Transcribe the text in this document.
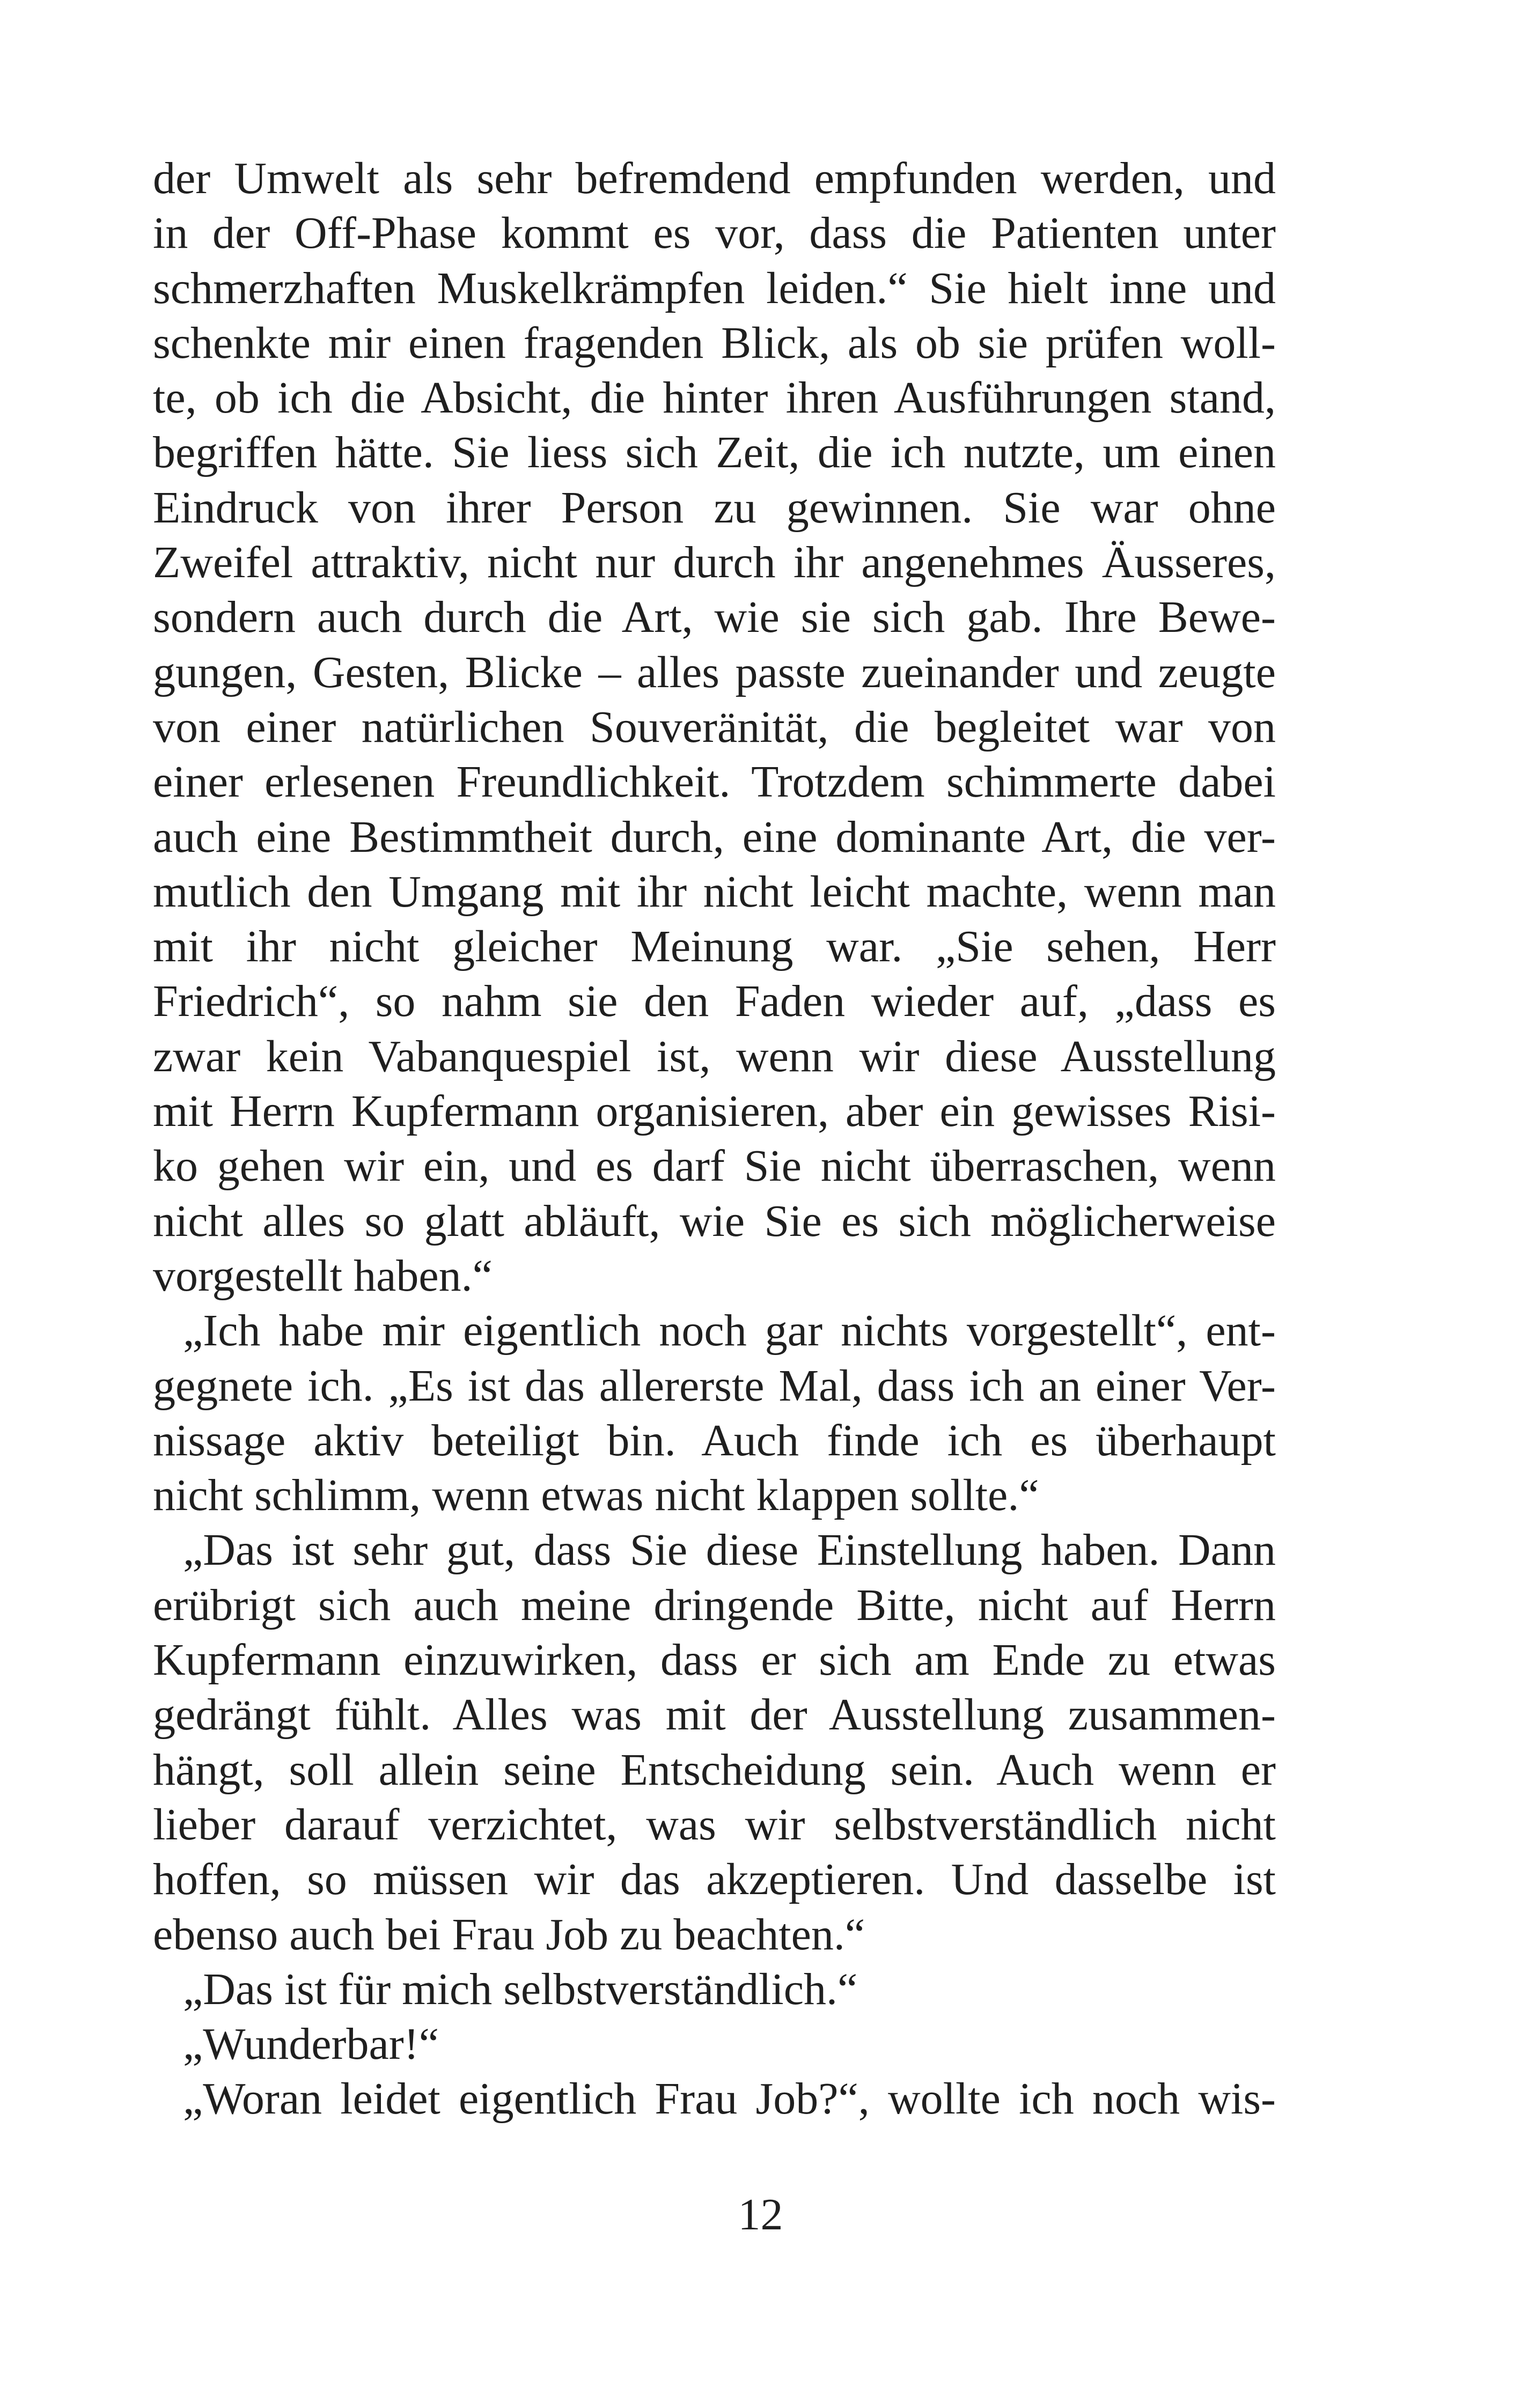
der Umwelt als sehr befremdend empfunden werden, und
in der Off-Phase kommt es vor, dass die Patienten unter
schmerzhaften Muskelkrämpfen leiden.“ Sie hielt inne und
schenkte mir einen fragenden Blick, als ob sie prüfen woll-
te, ob ich die Absicht, die hinter ihren Ausführungen stand,
begriffen hätte. Sie liess sich Zeit, die ich nutzte, um einen
Eindruck von ihrer Person zu gewinnen. Sie war ohne
Zweifel attraktiv, nicht nur durch ihr angenehmes Äusseres,
sondern auch durch die Art, wie sie sich gab. Ihre Bewe-
gungen, Gesten, Blicke – alles passte zueinander und zeugte
von einer natürlichen Souveränität, die begleitet war von
einer erlesenen Freundlichkeit. Trotzdem schimmerte dabei
auch eine Bestimmtheit durch, eine dominante Art, die ver-
mutlich den Umgang mit ihr nicht leicht machte, wenn man
mit ihr nicht gleicher Meinung war. „Sie sehen, Herr
Friedrich“, so nahm sie den Faden wieder auf, „dass es
zwar kein Vabanquespiel ist, wenn wir diese Ausstellung
mit Herrn Kupfermann organisieren, aber ein gewisses Risi-
ko gehen wir ein, und es darf Sie nicht überraschen, wenn
nicht alles so glatt abläuft, wie Sie es sich möglicherweise
vorgestellt haben.“
„Ich habe mir eigentlich noch gar nichts vorgestellt“, ent-
gegnete ich. „Es ist das allererste Mal, dass ich an einer Ver-
nissage aktiv beteiligt bin. Auch finde ich es überhaupt
nicht schlimm, wenn etwas nicht klappen sollte.“
„Das ist sehr gut, dass Sie diese Einstellung haben. Dann
erübrigt sich auch meine dringende Bitte, nicht auf Herrn
Kupfermann einzuwirken, dass er sich am Ende zu etwas
gedrängt fühlt. Alles was mit der Ausstellung zusammen-
hängt, soll allein seine Entscheidung sein. Auch wenn er
lieber darauf verzichtet, was wir selbstverständlich nicht
hoffen, so müssen wir das akzeptieren. Und dasselbe ist
ebenso auch bei Frau Job zu beachten.“
„Das ist für mich selbstverständlich.“
„Wunderbar!“
„Woran leidet eigentlich Frau Job?“, wollte ich noch wis-
12
